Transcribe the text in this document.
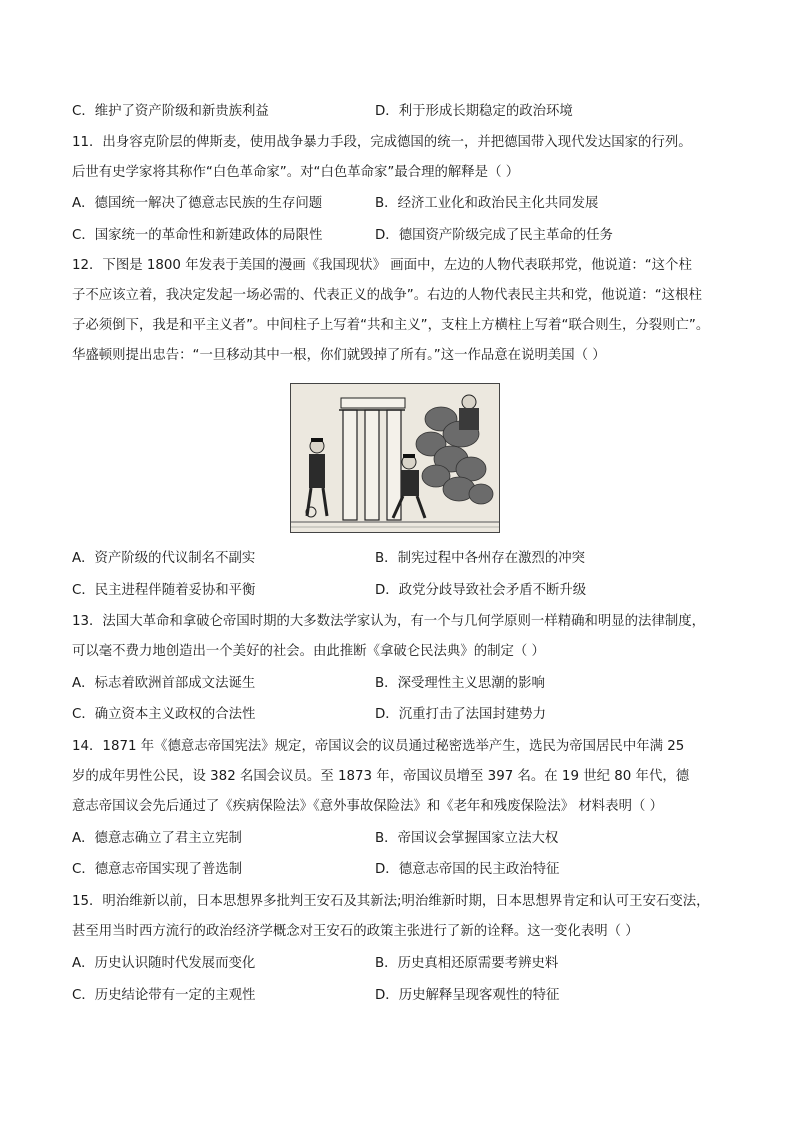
C．维护了资产阶级和新贵族利益	D．利于形成长期稳定的政治环境
11．出身容克阶层的俾斯麦，使用战争暴力手段，完成德国的统一，并把德国带入现代发达国家的行列。
后世有史学家将其称作“白色革命家”。对“白色革命家”最合理的解释是（ ）
A．德国统一解决了德意志民族的生存问题	B．经济工业化和政治民主化共同发展
C．国家统一的革命性和新建政体的局限性	D．德国资产阶级完成了民主革命的任务
12．下图是 1800 年发表于美国的漫画《我国现状》 画面中，左边的人物代表联邦党，他说道：“这个柱
子不应该立着，我决定发起一场必需的、代表正义的战争”。右边的人物代表民主共和党，他说道：“这根柱
子必须倒下，我是和平主义者”。中间柱子上写着“共和主义”，支柱上方横柱上写着“联合则生，分裂则亡”。
华盛顿则提出忠告：“一旦移动其中一根，你们就毁掉了所有。”这一作品意在说明美国（ ）
A．资产阶级的代议制名不副实	B．制宪过程中各州存在激烈的冲突
C．民主进程伴随着妥协和平衡	D．政党分歧导致社会矛盾不断升级
13．法国大革命和拿破仑帝国时期的大多数法学家认为，有一个与几何学原则一样精确和明显的法律制度，
可以毫不费力地创造出一个美好的社会。由此推断《拿破仑民法典》的制定（ ）
A．标志着欧洲首部成文法诞生	B．深受理性主义思潮的影响
C．确立资本主义政权的合法性	D．沉重打击了法国封建势力
14．1871 年《德意志帝国宪法》规定，帝国议会的议员通过秘密选举产生，选民为帝国居民中年满 25
岁的成年男性公民，设 382 名国会议员。至 1873 年，帝国议员增至 397 名。在 19 世纪 80 年代，德
意志帝国议会先后通过了《疾病保险法》《意外事故保险法》和《老年和残废保险法》 材料表明（ ）
A．德意志确立了君主立宪制	B．帝国议会掌握国家立法大权
C．德意志帝国实现了普选制	D．德意志帝国的民主政治特征
15．明治维新以前，日本思想界多批判王安石及其新法;明治维新时期，日本思想界肯定和认可王安石变法，
甚至用当时西方流行的政治经济学概念对王安石的政策主张进行了新的诠释。这一变化表明（ ）
A．历史认识随时代发展而变化	B．历史真相还原需要考辨史料
C．历史结论带有一定的主观性	D．历史解释呈现客观性的特征
